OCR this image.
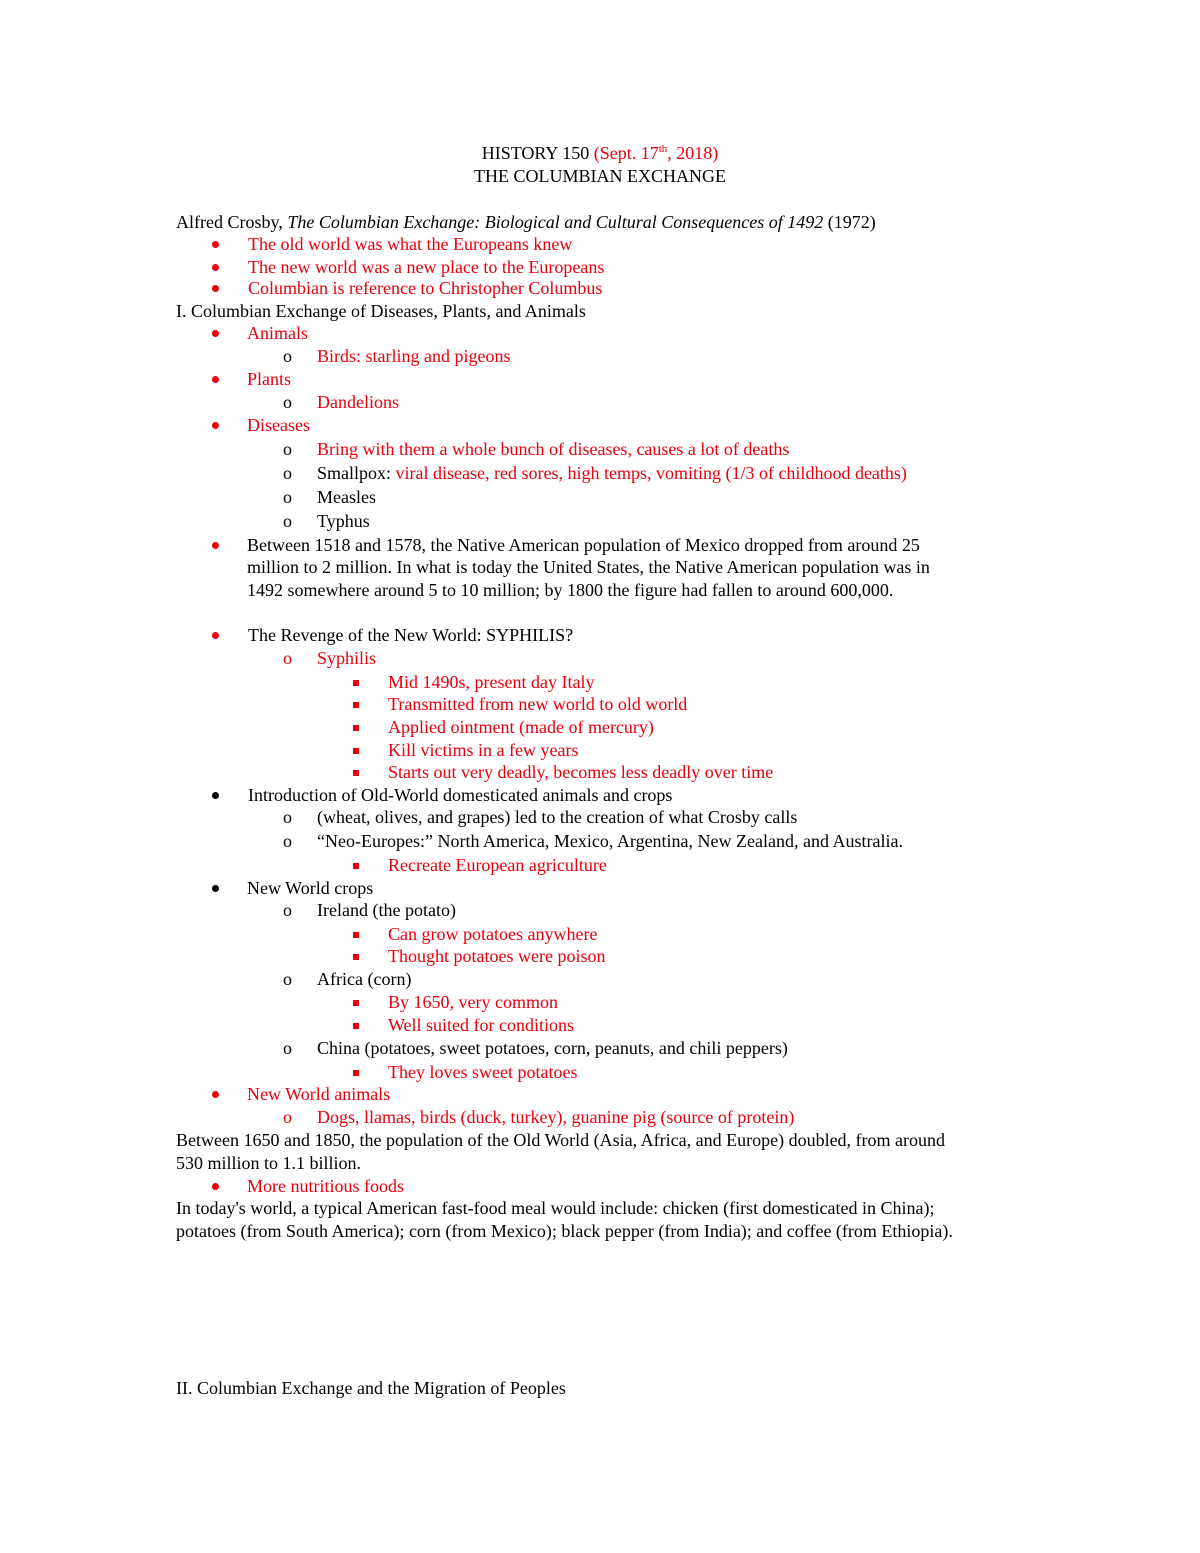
HISTORY 150 (Sept. 17th, 2018)
THE COLUMBIAN EXCHANGE
Alfred Crosby, The Columbian Exchange: Biological and Cultural Consequences of 1492 (1972)
The old world was what the Europeans knew
The new world was a new place to the Europeans
Columbian is reference to Christopher Columbus
I. Columbian Exchange of Diseases, Plants, and Animals
Animals
o Birds: starling and pigeons
Plants
o Dandelions
Diseases
o Bring with them a whole bunch of diseases, causes a lot of deaths
o Smallpox: viral disease, red sores, high temps, vomiting (1/3 of childhood deaths)
o Measles
o Typhus
Between 1518 and 1578, the Native American population of Mexico dropped from around 25
million to 2 million. In what is today the United States, the Native American population was in
1492 somewhere around 5 to 10 million; by 1800 the figure had fallen to around 600,000.
The Revenge of the New World: SYPHILIS?
o Syphilis
Mid 1490s, present day Italy
Transmitted from new world to old world
Applied ointment (made of mercury)
Kill victims in a few years
Starts out very deadly, becomes less deadly over time
Introduction of Old-World domesticated animals and crops
o (wheat, olives, and grapes) led to the creation of what Crosby calls
o “Neo-Europes:” North America, Mexico, Argentina, New Zealand, and Australia.
Recreate European agriculture
New World crops
o Ireland (the potato)
Can grow potatoes anywhere
Thought potatoes were poison
o Africa (corn)
By 1650, very common
Well suited for conditions
o China (potatoes, sweet potatoes, corn, peanuts, and chili peppers)
They loves sweet potatoes
New World animals
o Dogs, llamas, birds (duck, turkey), guanine pig (source of protein)
Between 1650 and 1850, the population of the Old World (Asia, Africa, and Europe) doubled, from around
530 million to 1.1 billion.
More nutritious foods
In today's world, a typical American fast-food meal would include: chicken (first domesticated in China);
potatoes (from South America); corn (from Mexico); black pepper (from India); and coffee (from Ethiopia).
II. Columbian Exchange and the Migration of Peoples
